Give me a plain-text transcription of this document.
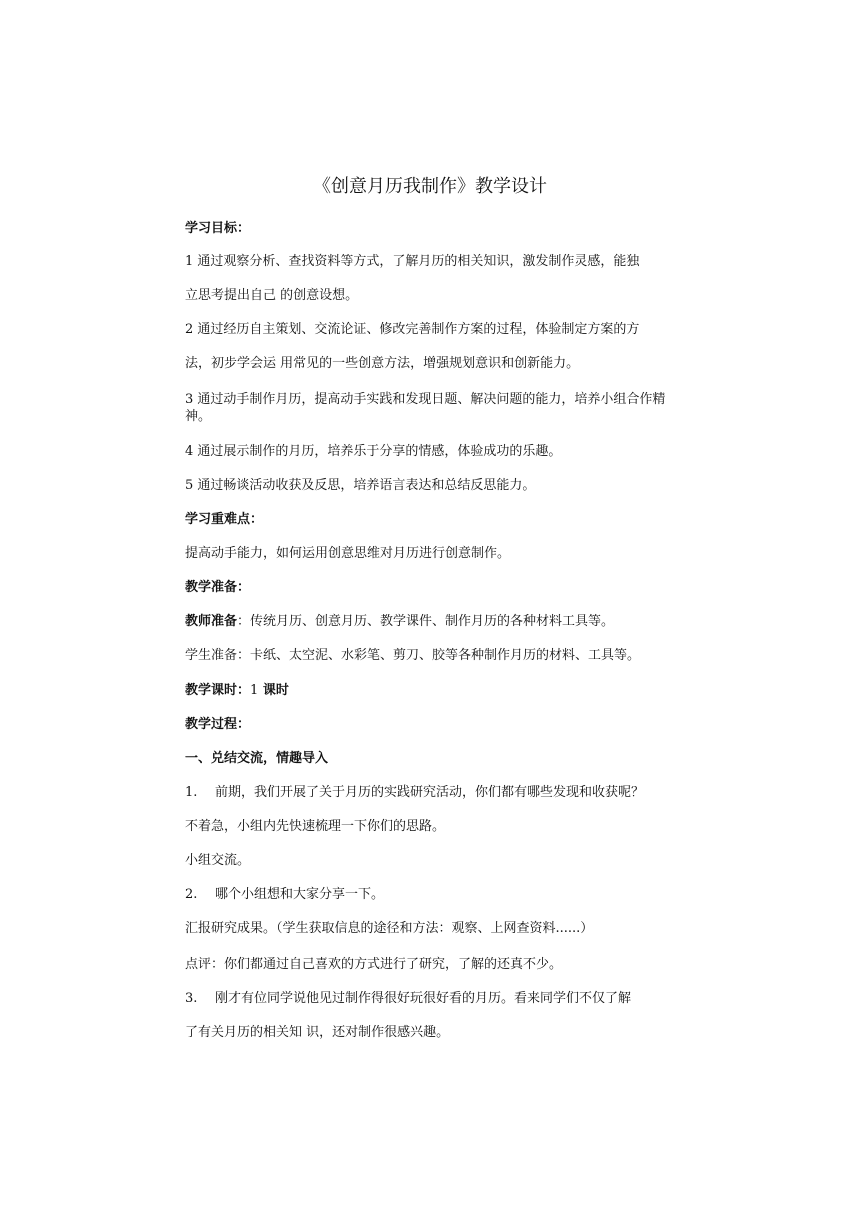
《创意月历我制作》教学设计
学习目标：
1 通过观察分析、查找资料等方式，了解月历的相关知识，激发制作灵感，能独
立思考提出自己 的创意设想。
2 通过经历自主策划、交流论证、修改完善制作方案的过程，体验制定方案的方
法，初步学会运 用常见的一些创意方法，增强规划意识和创新能力。
3 通过动手制作月历，提高动手实践和发现日题、解决问题的能力，培养小组合作精神。
4 通过展示制作的月历，培养乐于分享的情感，体验成功的乐趣。
5 通过畅谈活动收获及反思，培养语言表达和总结反思能力。
学习重难点：
提高动手能力，如何运用创意思维对月历进行创意制作。
教学准备：
教师准备：传统月历、创意月历、教学课件、制作月历的各种材料工具等。
学生准备：卡纸、太空泥、水彩笔、剪刀、胶等各种制作月历的材料、工具等。
教学课时：1 课时
教学过程：
一、兑结交流，情趣导入
1. 前期，我们开展了关于月历的实践研究活动，你们都有哪些发现和收获呢？
不着急，小组内先快速梳理一下你们的思路。
小组交流。
2. 哪个小组想和大家分享一下。
汇报研究成果。（学生获取信息的途径和方法：观察、上网查资料......）
点评：你们都通过自己喜欢的方式进行了研究，了解的还真不少。
3. 刚才有位同学说他见过制作得很好玩很好看的月历。看来同学们不仅了解
了有关月历的相关知 识，还对制作很感兴趣。
